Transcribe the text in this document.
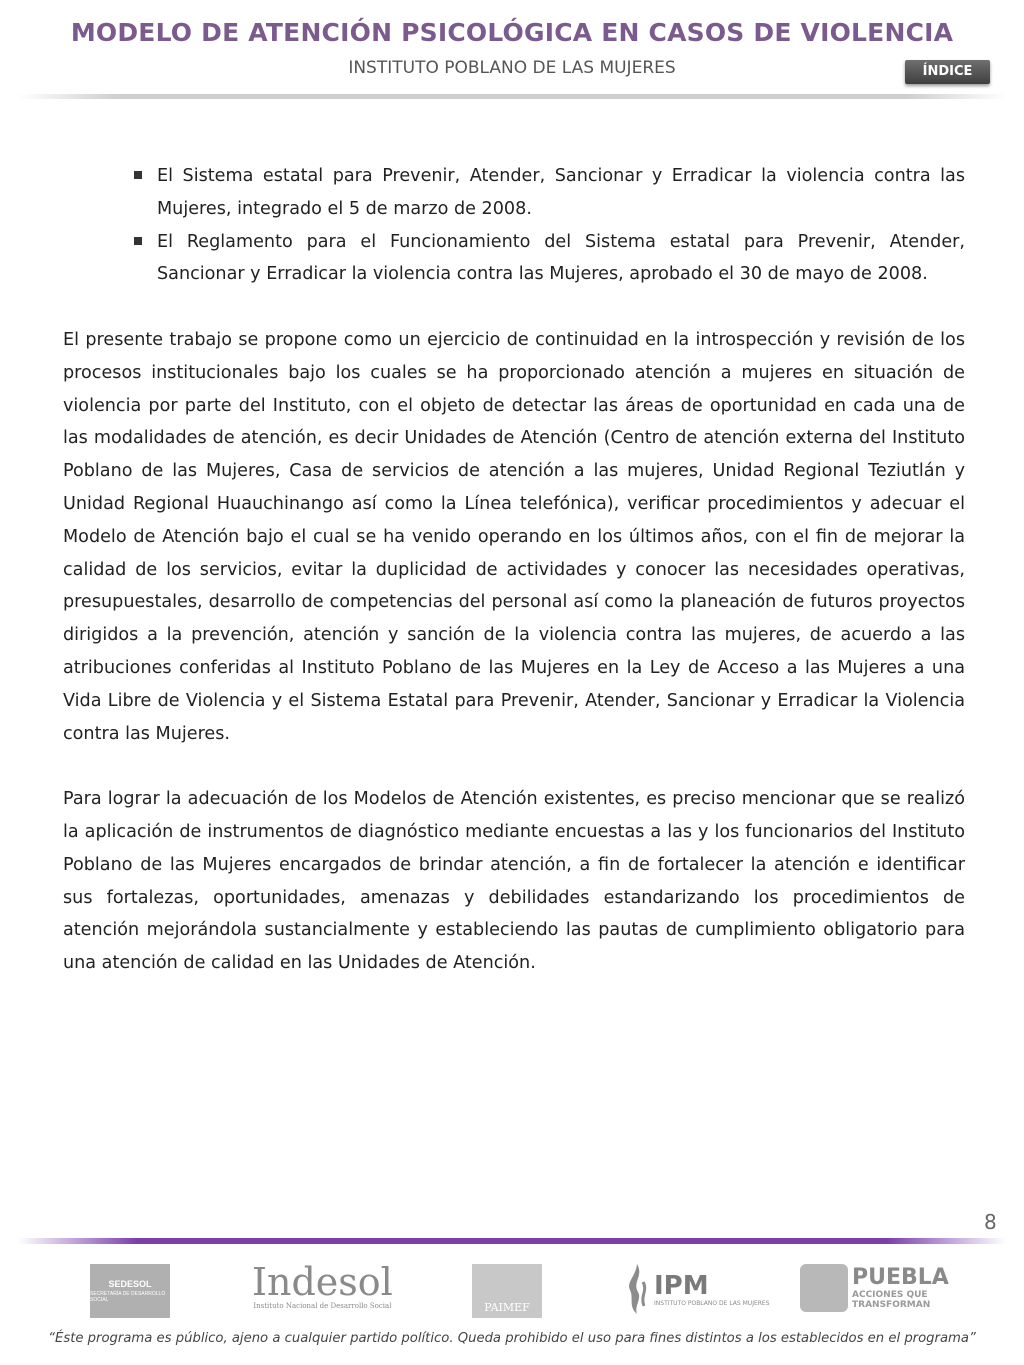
MODELO DE ATENCIÓN PSICOLÓGICA EN CASOS DE VIOLENCIA
INSTITUTO POBLANO DE LAS MUJERES	ÍNDICE
El Sistema estatal para Prevenir, Atender, Sancionar y Erradicar la violencia contra las Mujeres, integrado el 5 de marzo de 2008.
El Reglamento para el Funcionamiento del Sistema estatal para Prevenir, Atender, Sancionar y Erradicar la violencia contra las Mujeres, aprobado el 30 de mayo de 2008.

El presente trabajo se propone como un ejercicio de continuidad en la introspección y revisión de los procesos institucionales bajo los cuales se ha proporcionado atención a mujeres en situación de violencia por parte del Instituto, con el objeto de detectar las áreas de oportunidad en cada una de las modalidades de atención, es decir Unidades de Atención (Centro de atención externa del Instituto Poblano de las Mujeres, Casa de servicios de atención a las mujeres, Unidad Regional Teziutlán y Unidad Regional Huauchinango así como la Línea telefónica), verificar procedimientos y adecuar el Modelo de Atención bajo el cual se ha venido operando en los últimos años, con el fin de mejorar la calidad de los servicios, evitar la duplicidad de actividades y conocer las necesidades operativas, presupuestales, desarrollo de competencias del personal así como la planeación de futuros proyectos dirigidos a la prevención, atención y sanción de la violencia contra las mujeres, de acuerdo a las atribuciones conferidas al Instituto Poblano de las Mujeres en la Ley de Acceso a las Mujeres a una Vida Libre de Violencia y el Sistema Estatal para Prevenir, Atender, Sancionar y Erradicar la Violencia contra las Mujeres.

Para lograr la adecuación de los Modelos de Atención existentes, es preciso mencionar que se realizó la aplicación de instrumentos de diagnóstico mediante encuestas a las y los funcionarios del Instituto Poblano de las Mujeres encargados de brindar atención, a fin de fortalecer la atención e identificar sus fortalezas, oportunidades, amenazas y debilidades estandarizando los procedimientos de atención mejorándola sustancialmente y estableciendo las pautas de cumplimiento obligatorio para una atención de calidad en las Unidades de Atención.

8
SEDESOL
SECRETARÍA DE DESARROLLO SOCIAL	Indesol
Instituto Nacional de Desarrollo Social	PAIMEF
IPM
INSTITUTO POBLANO DE LAS MUJERES
PUEBLA
ACCIONES QUE
TRANSFORMAN
“Éste programa es público, ajeno a cualquier partido político. Queda prohibido el uso para fines distintos a los establecidos en el programa”
